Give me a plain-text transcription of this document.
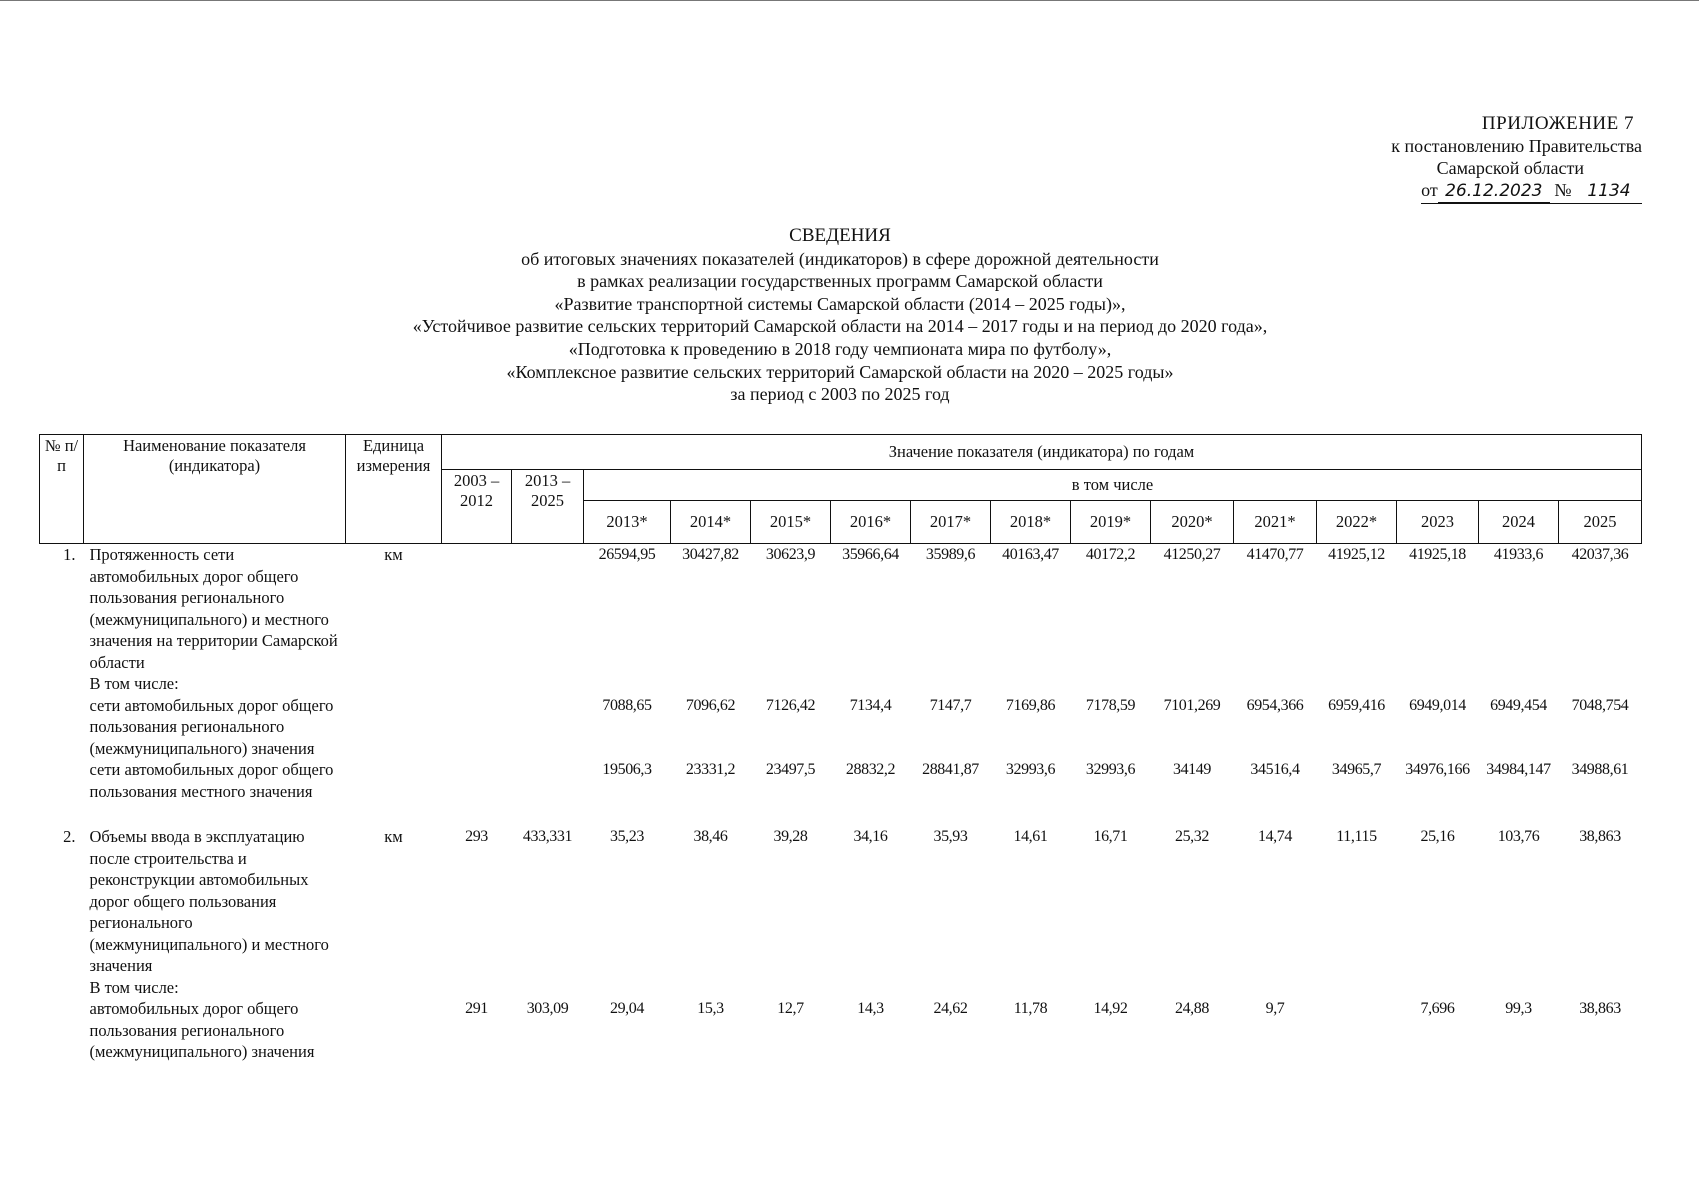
ПРИЛОЖЕНИЕ 7
к постановлению Правительства
Самарской области
от 26.12.2023 № 1134
СВЕДЕНИЯ
об итоговых значениях показателей (индикаторов) в сфере дорожной деятельности
в рамках реализации государственных программ Самарской области
«Развитие транспортной системы Самарской области (2014 – 2025 годы)»,
«Устойчивое развитие сельских территорий Самарской области на 2014 – 2017 годы и на период до 2020 года»,
«Подготовка к проведению в 2018 году чемпионата мира по футболу»,
«Комплексное развитие сельских территорий Самарской области на 2020 – 2025 годы»
за период с 2003 по 2025 год
№ п/п	Наименование показателя (индикатора)	Единица измерения	Значение показателя (индикатора) по годам														
			2003 – 2012	2013 – 2025	в том числе												
					2013*	2014*	2015*	2016*	2017*	2018*	2019*	2020*	2021*	2022*	2023	2024	2025
1.	Протяженность сети автомобильных дорог общего пользования регионального (межмуниципального) и местного значения на территории Самарской области	км			26594,95	30427,82	30623,9	35966,64	35989,6	40163,47	40172,2	41250,27	41470,77	41925,12	41925,18	41933,6	42037,36
	В том числе:																
	сети автомобильных дорог общего пользования регионального (межмуниципального) значения				7088,65	7096,62	7126,42	7134,4	7147,7	7169,86	7178,59	7101,269	6954,366	6959,416	6949,014	6949,454	7048,754
	сети автомобильных дорог общего пользования местного значения				19506,3	23331,2	23497,5	28832,2	28841,87	32993,6	32993,6	34149	34516,4	34965,7	34976,166	34984,147	34988,61

2.	Объемы ввода в эксплуатацию после строительства и реконструкции автомобильных дорог общего пользования регионального (межмуниципального) и местного значения	км	293	433,331	35,23	38,46	39,28	34,16	35,93	14,61	16,71	25,32	14,74	11,115	25,16	103,76	38,863
	В том числе:																
	автомобильных дорог общего пользования регионального (межмуниципального) значения		291	303,09	29,04	15,3	12,7	14,3	24,62	11,78	14,92	24,88	9,7		7,696	99,3	38,863
